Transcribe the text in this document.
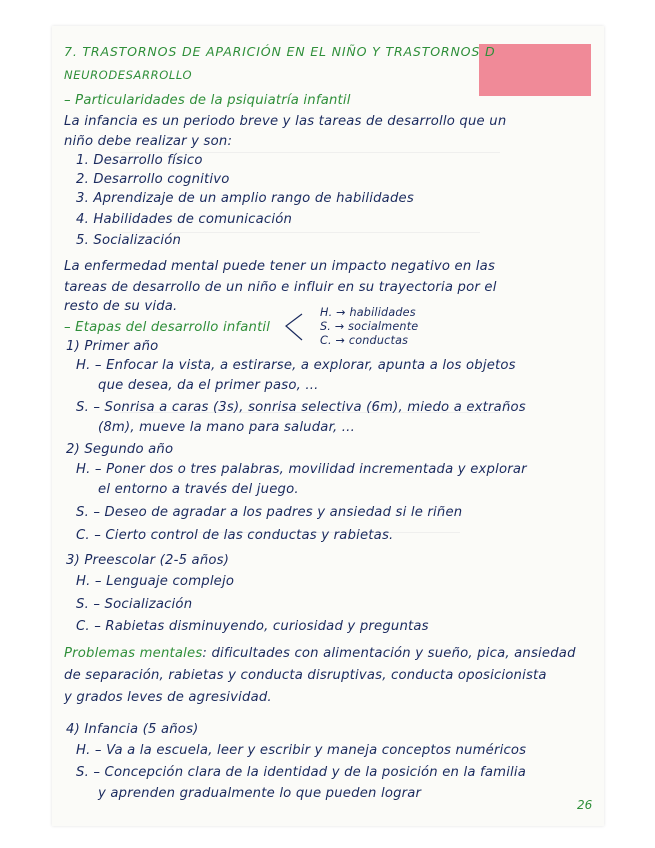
7. TRASTORNOS DE APARICIÓN EN EL NIÑO Y TRASTORNOS D
NEURODESARROLLO
– Particularidades de la psiquiatría infantil
La infancia es un periodo breve y las tareas de desarrollo que un
niño debe realizar y son:
1. Desarrollo físico
2. Desarrollo cognitivo
3. Aprendizaje de un amplio rango de habilidades
4. Habilidades de comunicación
5. Socialización
La enfermedad mental puede tener un impacto negativo en las
tareas de desarrollo de un niño e influir en su trayectoria por el
resto de su vida.
– Etapas del desarrollo infantil
H. → habilidades
S. → socialmente
C. → conductas
1) Primer año
H. – Enfocar la vista, a estirarse, a explorar, apunta a los objetos
que desea, da el primer paso, ...
S. – Sonrisa a caras (3s), sonrisa selectiva (6m), miedo a extraños
(8m), mueve la mano para saludar, ...
2) Segundo año
H. – Poner dos o tres palabras, movilidad incrementada y explorar
el entorno a través del juego.
S. – Deseo de agradar a los padres y ansiedad si le riñen
C. – Cierto control de las conductas y rabietas.
3) Preescolar (2-5 años)
H. – Lenguaje complejo
S. – Socialización
C. – Rabietas disminuyendo, curiosidad y preguntas
Problemas mentales: dificultades con alimentación y sueño, pica, ansiedad
de separación, rabietas y conducta disruptivas, conducta oposicionista
y grados leves de agresividad.
4) Infancia (5 años)
H. – Va a la escuela, leer y escribir y maneja conceptos numéricos
S. – Concepción clara de la identidad y de la posición en la familia
y aprenden gradualmente lo que pueden lograr
26
